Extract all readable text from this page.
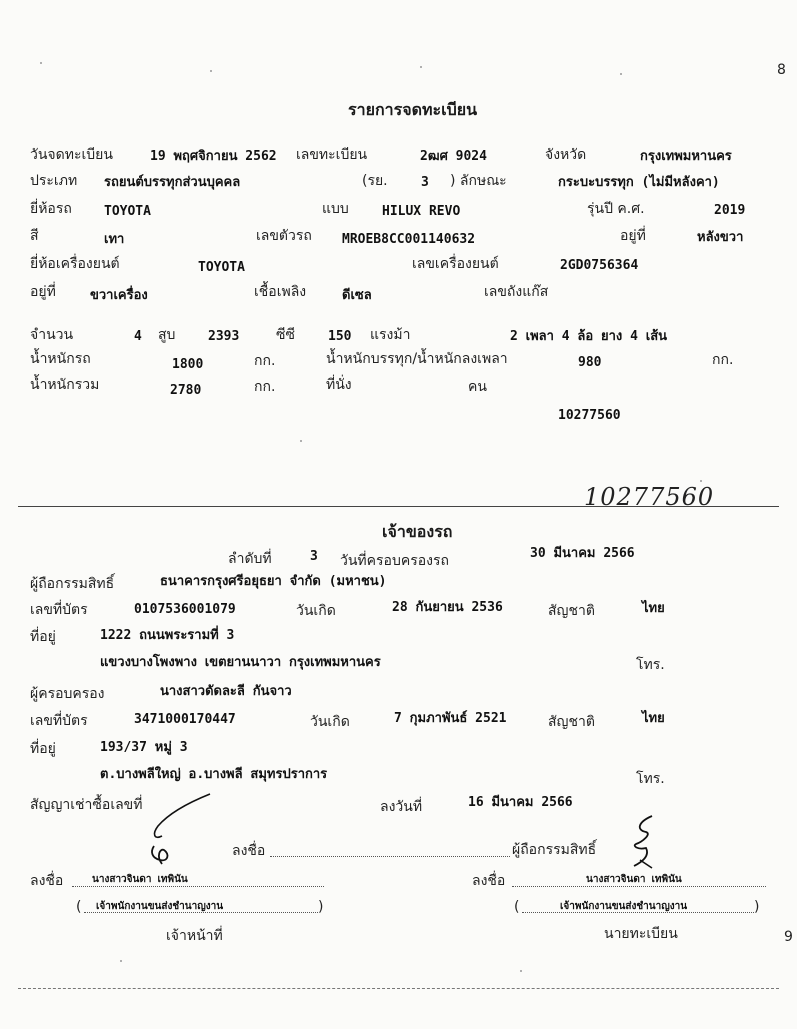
8
รายการจดทะเบียน
วันจดทะเบียน	19 พฤศจิกายน 2562 เลขทะเบียน	2ฒศ 9024	จังหวัด	กรุงเทพมหานคร
ประเภท รถยนต์บรรทุกส่วนบุคคล	(รย.	3 ) ลักษณะ	กระบะบรรทุก (ไม่มีหลังคา)
ยี่ห้อรถ TOYOTA	แบบ	HILUX REVO	รุ่นปี ค.ศ.	2019
สี	เทา	เลขตัวรถ MROEB8CC001140632	อยู่ที่	หลังขวา
ยี่ห้อเครื่องยนต์	TOYOTA	เลขเครื่องยนต์	2GD0756364
อยู่ที่	ขวาเครื่อง	เชื้อเพลิง	ดีเซล	เลขถังแก๊ส
จำนวน	4 สูบ	2393	ซีซี	150 แรงม้า	2 เพลา 4 ล้อ ยาง 4 เส้น
น้ำหนักรถ	1800	กก.	น้ำหนักบรรทุก/น้ำหนักลงเพลา	980	กก.
น้ำหนักรวม	2780	กก.	ที่นั่ง	คน
10277560
10277560
เจ้าของรถ
ลำดับที่	3 วันที่ครอบครองรถ	30 มีนาคม 2566
ผู้ถือกรรมสิทธิ์	ธนาคารกรุงศรีอยุธยา จำกัด (มหาชน)
เลขที่บัตร	0107536001079	วันเกิด	28 กันยายน 2536	สัญชาติ	ไทย
ที่อยู่	1222 ถนนพระรามที่ 3
แขวงบางโพงพาง เขตยานนาวา กรุงเทพมหานคร	โทร.
ผู้ครอบครอง	นางสาวดัดละลี กันจาว
เลขที่บัตร	3471000170447	วันเกิด	7 กุมภาพันธ์ 2521	สัญชาติ	ไทย
ที่อยู่	193/37 หมู่ 3
ต.บางพลีใหญ่ อ.บางพลี สมุทรปราการ	โทร.
สัญญาเช่าซื้อเลขที่	ลงวันที่	16 มีนาคม 2566
ลงชื่อ	ผู้ถือกรรมสิทธิ์
ลงชื่อ	นางสาวจินดา เทพินัน
( เจ้าพนักงานขนส่งชำนาญงาน	)
เจ้าหน้าที่
ลงชื่อ	นางสาวจินดา เทพินัน
(	เจ้าพนักงานขนส่งชำนาญงาน	)
นายทะเบียน	9
